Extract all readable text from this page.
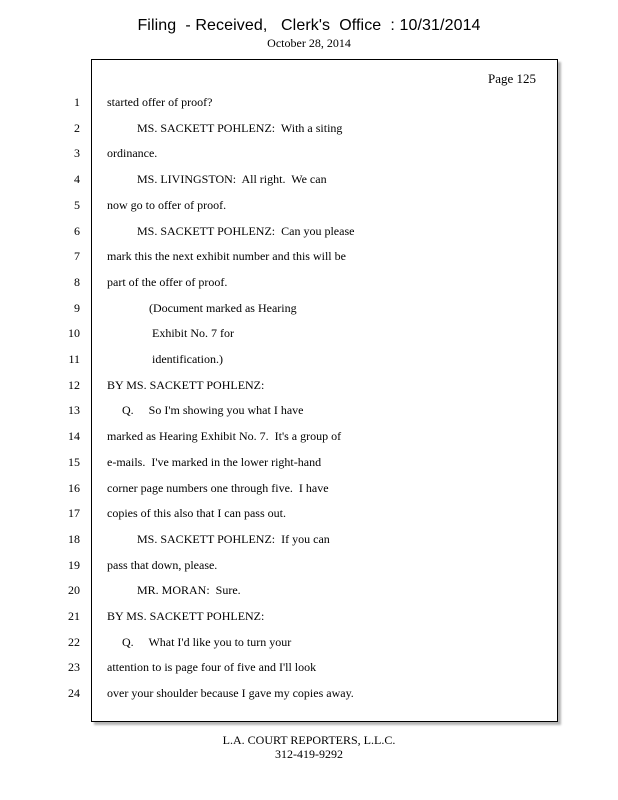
Filing  - Received,   Clerk's  Office  : 10/31/2014
October 28, 2014
Page 125
1 started offer of proof?
2 MS. SACKETT POHLENZ:  With a siting
3 ordinance.
4 MS. LIVINGSTON:  All right.  We can
5 now go to offer of proof.
6 MS. SACKETT POHLENZ:  Can you please
7 mark this the next exhibit number and this will be
8 part of the offer of proof.
9 (Document marked as Hearing
10 Exhibit No. 7 for
11 identification.)
12 BY MS. SACKETT POHLENZ:
13 Q.     So I'm showing you what I have
14 marked as Hearing Exhibit No. 7.  It's a group of
15 e-mails.  I've marked in the lower right-hand
16 corner page numbers one through five.  I have
17 copies of this also that I can pass out.
18 MS. SACKETT POHLENZ:  If you can
19 pass that down, please.
20 MR. MORAN:  Sure.
21 BY MS. SACKETT POHLENZ:
22 Q.     What I'd like you to turn your
23 attention to is page four of five and I'll look
24 over your shoulder because I gave my copies away.
L.A. COURT REPORTERS, L.L.C.
312-419-9292
